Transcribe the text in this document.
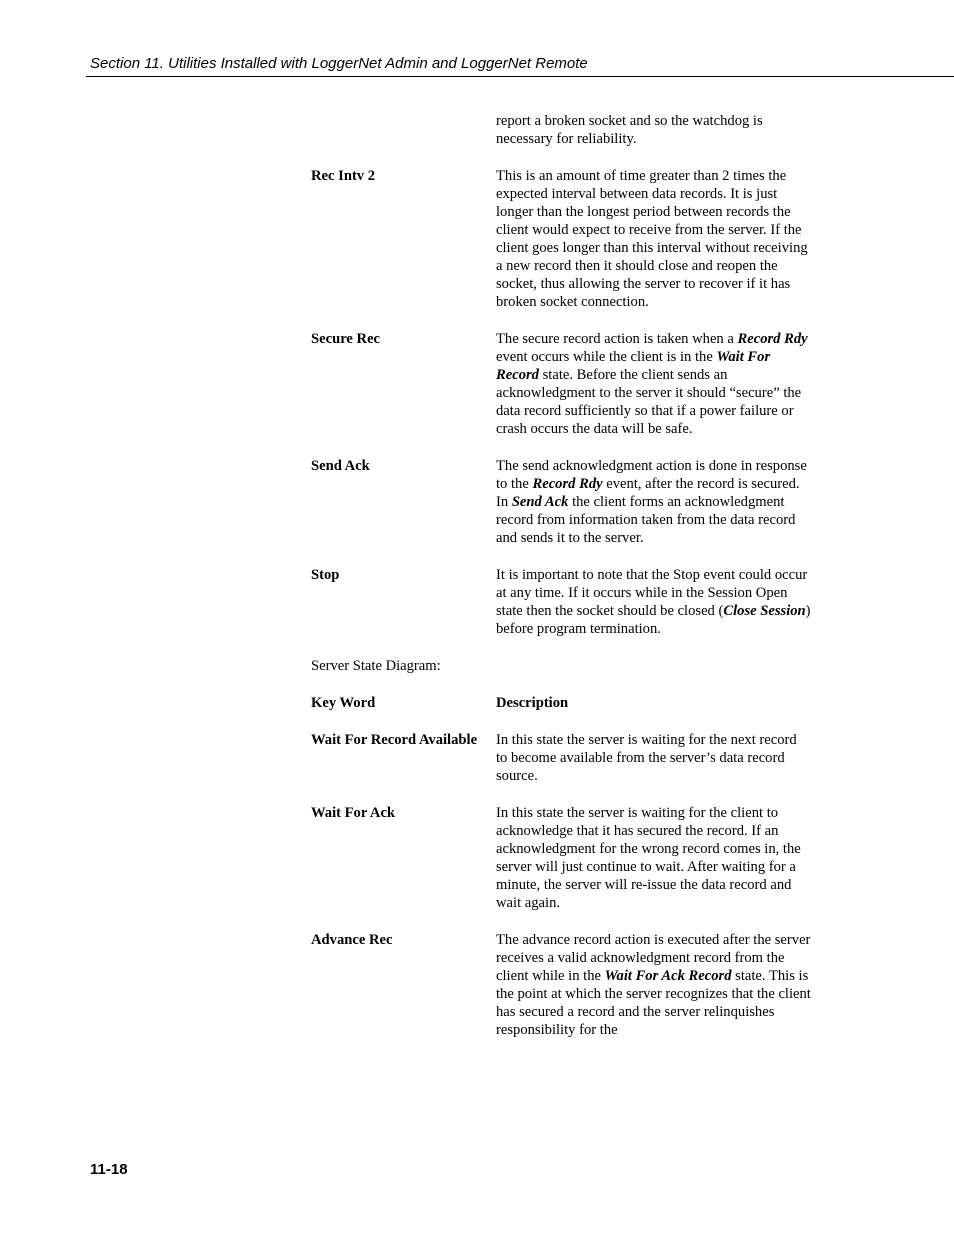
Section 11. Utilities Installed with LoggerNet Admin and LoggerNet Remote
report a broken socket and so the watchdog is necessary for reliability.
Rec Intv 2	This is an amount of time greater than 2 times the expected interval between data records. It is just longer than the longest period between records the client would expect to receive from the server. If the client goes longer than this interval without receiving a new record then it should close and reopen the socket, thus allowing the server to recover if it has broken socket connection.
Secure Rec	The secure record action is taken when a Record Rdy event occurs while the client is in the Wait For Record state. Before the client sends an acknowledgment to the server it should “secure” the data record sufficiently so that if a power failure or crash occurs the data will be safe.
Send Ack	The send acknowledgment action is done in response to the Record Rdy event, after the record is secured. In Send Ack the client forms an acknowledgment record from information taken from the data record and sends it to the server.
Stop	It is important to note that the Stop event could occur at any time. If it occurs while in the Session Open state then the socket should be closed (Close Session) before program termination.
Server State Diagram:
Key Word	Description
Wait For Record Available	In this state the server is waiting for the next record to become available from the server’s data record source.
Wait For Ack	In this state the server is waiting for the client to acknowledge that it has secured the record. If an acknowledgment for the wrong record comes in, the server will just continue to wait. After waiting for a minute, the server will re-issue the data record and wait again.
Advance Rec	The advance record action is executed after the server receives a valid acknowledgment record from the client while in the Wait For Ack Record state. This is the point at which the server recognizes that the client has secured a record and the server relinquishes responsibility for the
11-18
